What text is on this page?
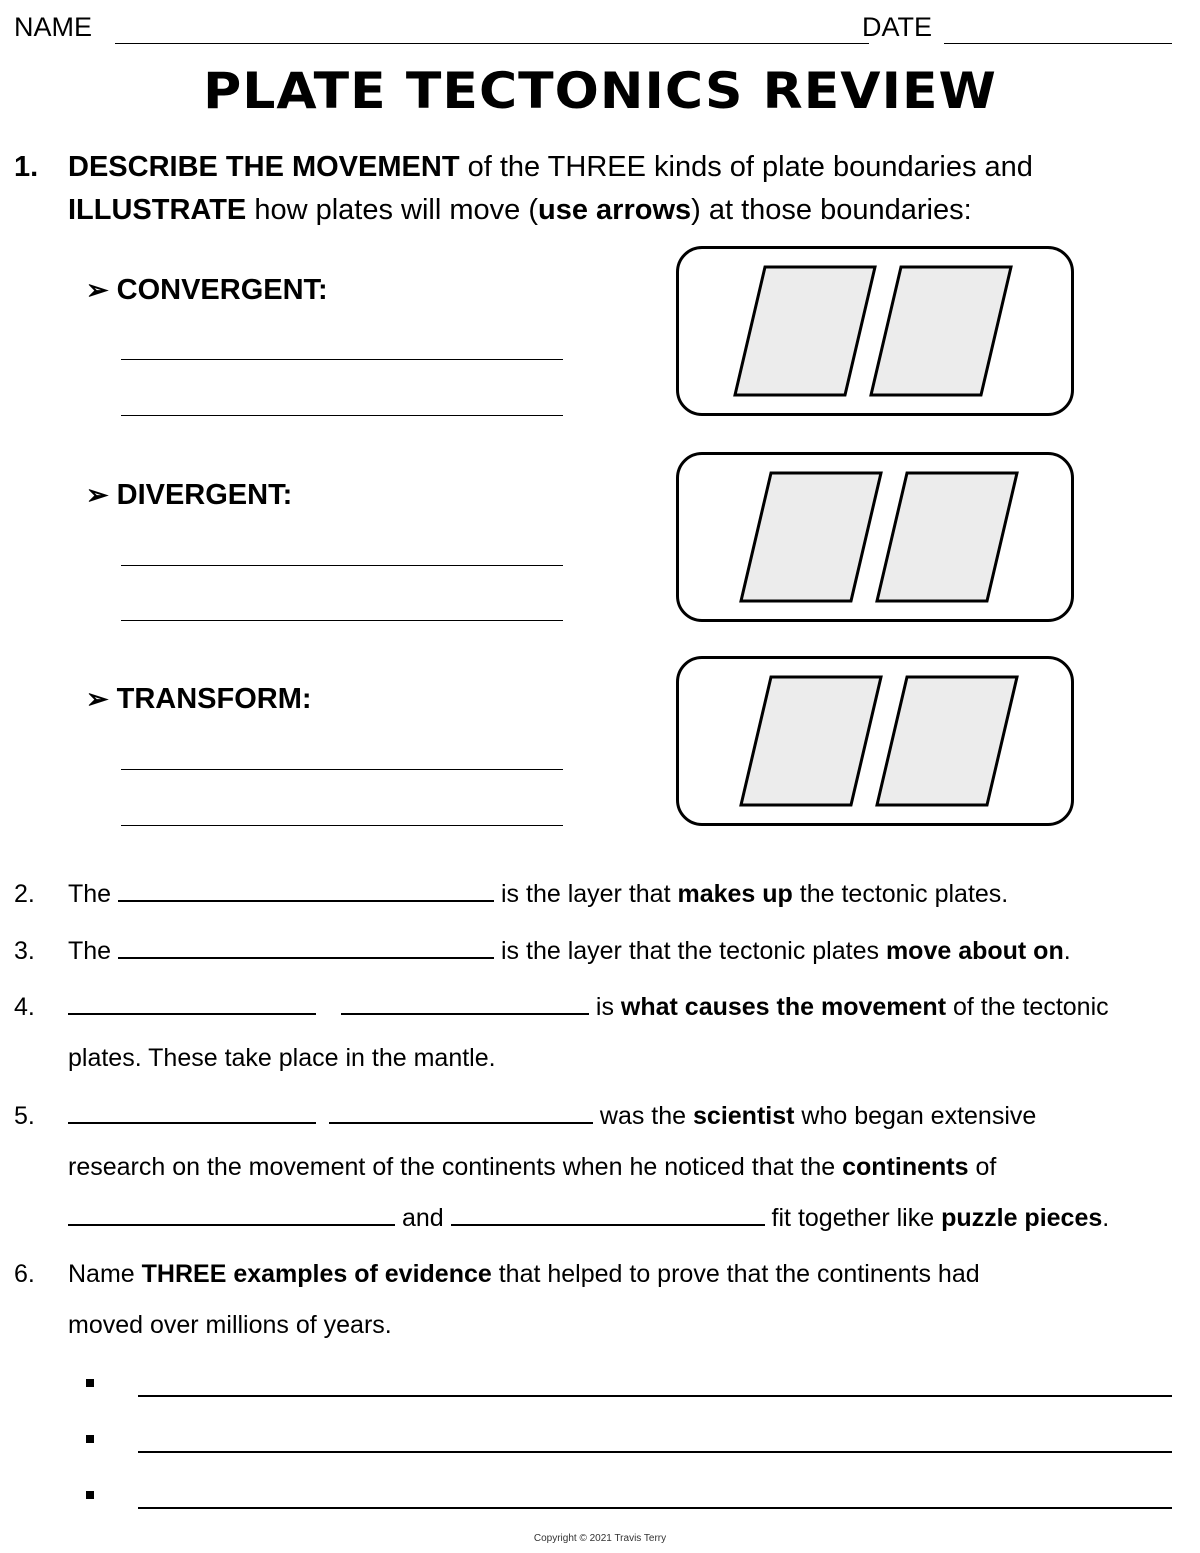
NAME	DATE
PLATE TECTONICS REVIEW
1. DESCRIBE THE MOVEMENT of the THREE kinds of plate boundaries and
ILLUSTRATE how plates will move (use arrows) at those boundaries:
➢ CONVERGENT:
➢ DIVERGENT:
➢ TRANSFORM:
2. The	is the layer that makes up the tectonic plates.
3. The	is the layer that the tectonic plates move about on.
4.	is what causes the movement of the tectonic
plates. These take place in the mantle.
5.	was the scientist who began extensive
research on the movement of the continents when he noticed that the continents of
and	fit together like puzzle pieces.
6. Name THREE examples of evidence that helped to prove that the continents had
moved over millions of years.
Copyright © 2021 Travis Terry
